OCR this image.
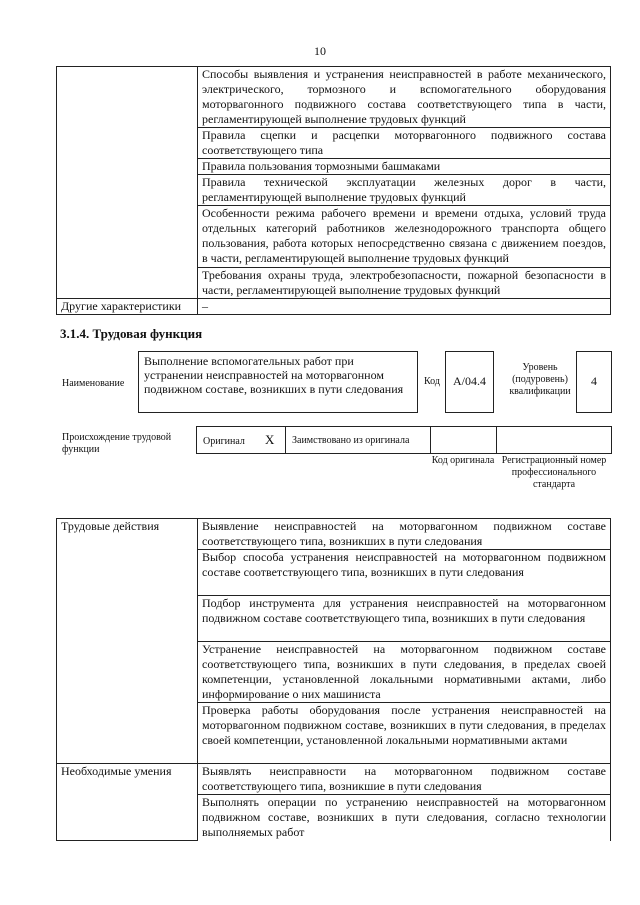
10
	Способы выявления и устранения неисправностей в работе механического, электрического, тормозного и вспомогательного оборудования моторвагонного подвижного состава соответствующего типа в части, регламентирующей выполнение трудовых функций
	Правила сцепки и расцепки моторвагонного подвижного состава соответствующего типа
	Правила пользования тормозными башмаками
	Правила технической эксплуатации железных дорог в части, регламентирующей выполнение трудовых функций
	Особенности режима рабочего времени и времени отдыха, условий труда отдельных категорий работников железнодорожного транспорта общего пользования, работа которых непосредственно связана с движением поездов, в части, регламентирующей выполнение трудовых функций
	Требования охраны труда, электробезопасности, пожарной безопасности в части, регламентирующей выполнение трудовых функций
Другие характеристики	–
3.1.4. Трудовая функция
Наименование
Выполнение вспомогательных работ при устранении неисправностей на моторвагонном подвижном составе, возникших в пути следования
Код	A/04.4
Уровень (подуровень) квалификации
4
Происхождение трудовой функции
Оригинал Х Заимствовано из оригинала
Код оригинала Регистрационный номер профессионального стандарта
Трудовые действия	Выявление неисправностей на моторвагонном подвижном составе соответствующего типа, возникших в пути следования
	Выбор способа устранения неисправностей на моторвагонном подвижном составе соответствующего типа, возникших в пути следования
	Подбор инструмента для устранения неисправностей на моторвагонном подвижном составе соответствующего типа, возникших в пути следования
	Устранение неисправностей на моторвагонном подвижном составе соответствующего типа, возникших в пути следования, в пределах своей компетенции, установленной локальными нормативными актами, либо информирование о них машиниста
	Проверка работы оборудования после устранения неисправностей на моторвагонном подвижном составе, возникших в пути следования, в пределах своей компетенции, установленной локальными нормативными актами
Необходимые умения	Выявлять неисправности на моторвагонном подвижном составе соответствующего типа, возникшие в пути следования
	Выполнять операции по устранению неисправностей на моторвагонном подвижном составе, возникших в пути следования, согласно технологии выполняемых работ
